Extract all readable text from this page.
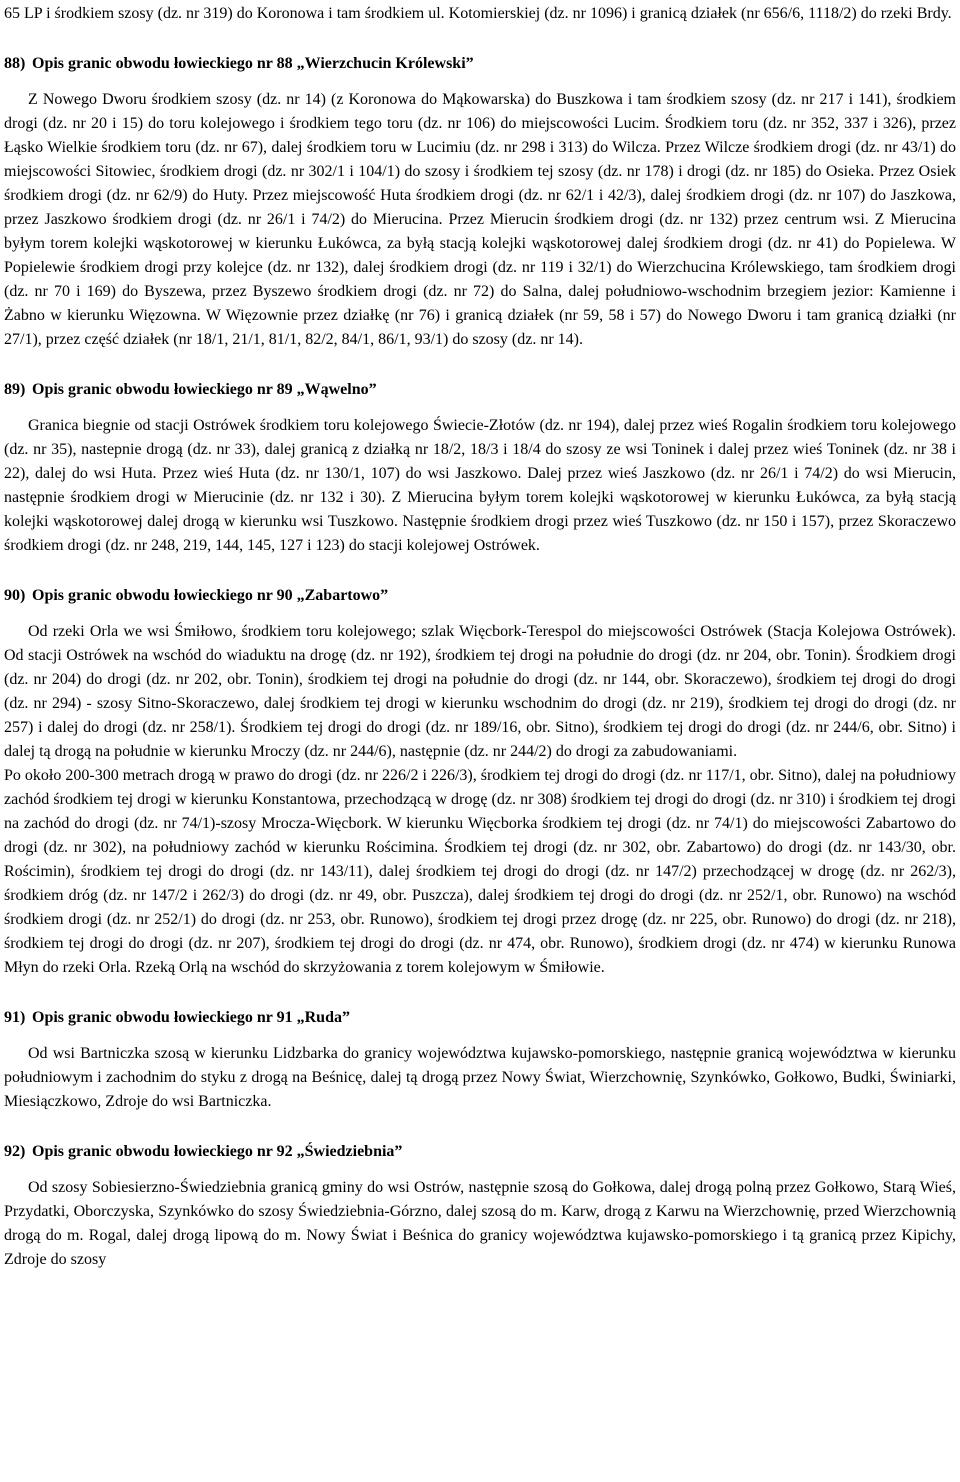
65 LP i środkiem szosy (dz. nr 319) do Koronowa i tam środkiem ul. Kotomierskiej (dz. nr 1096) i granicą działek (nr 656/6, 1118/2) do rzeki Brdy.

88) Opis granic obwodu łowieckiego nr 88 „Wierzchucin Królewski”

Z Nowego Dworu środkiem szosy (dz. nr 14) (z Koronowa do Mąkowarska) do Buszkowa i tam środkiem szosy (dz. nr 217 i 141), środkiem drogi (dz. nr 20 i 15) do toru kolejowego i środkiem tego toru (dz. nr 106) do miejscowości Lucim. Środkiem toru (dz. nr 352, 337 i 326), przez Łąsko Wielkie środkiem toru (dz. nr 67), dalej środkiem toru w Lucimiu (dz. nr 298 i 313) do Wilcza. Przez Wilcze środkiem drogi (dz. nr 43/1) do miejscowości Sitowiec, środkiem drogi (dz. nr 302/1 i 104/1) do szosy i środkiem tej szosy (dz. nr 178) i drogi (dz. nr 185) do Osieka. Przez Osiek środkiem drogi (dz. nr 62/9) do Huty. Przez miejscowość Huta środkiem drogi (dz. nr 62/1 i 42/3), dalej środkiem drogi (dz. nr 107) do Jaszkowa, przez Jaszkowo środkiem drogi (dz. nr 26/1 i 74/2) do Mierucina. Przez Mierucin środkiem drogi (dz. nr 132) przez centrum wsi. Z Mierucina byłym torem kolejki wąskotorowej w kierunku Łukówca, za byłą stacją kolejki wąskotorowej dalej środkiem drogi (dz. nr 41) do Popielewa. W Popielewie środkiem drogi przy kolejce (dz. nr 132), dalej środkiem drogi (dz. nr 119 i 32/1) do Wierzchucina Królewskiego, tam środkiem drogi (dz. nr 70 i 169) do Byszewa, przez Byszewo środkiem drogi (dz. nr 72) do Salna, dalej południowo-wschodnim brzegiem jezior: Kamienne i Żabno w kierunku Więzowna. W Więzownie przez działkę (nr 76) i granicą działek (nr 59, 58 i 57) do Nowego Dworu i tam granicą działki (nr 27/1), przez część działek (nr 18/1, 21/1, 81/1, 82/2, 84/1, 86/1, 93/1) do szosy (dz. nr 14).

89) Opis granic obwodu łowieckiego nr 89 „Wąwelno”

Granica biegnie od stacji Ostrówek środkiem toru kolejowego Świecie-Złotów (dz. nr 194), dalej przez wieś Rogalin środkiem toru kolejowego (dz. nr 35), nastepnie drogą (dz. nr 33), dalej granicą z działką nr 18/2, 18/3 i 18/4 do szosy ze wsi Toninek i dalej przez wieś Toninek (dz. nr 38 i 22), dalej do wsi Huta. Przez wieś Huta (dz. nr 130/1, 107) do wsi Jaszkowo. Dalej przez wieś Jaszkowo (dz. nr 26/1 i 74/2) do wsi Mierucin, następnie środkiem drogi w Mierucinie (dz. nr 132 i 30). Z Mierucina byłym torem kolejki wąskotorowej w kierunku Łukówca, za byłą stacją kolejki wąskotorowej dalej drogą w kierunku wsi Tuszkowo. Następnie środkiem drogi przez wieś Tuszkowo (dz. nr 150 i 157), przez Skoraczewo środkiem drogi (dz. nr 248, 219, 144, 145, 127 i 123) do stacji kolejowej Ostrówek.

90) Opis granic obwodu łowieckiego nr 90 „Zabartowo”

Od rzeki Orla we wsi Śmiłowo, środkiem toru kolejowego; szlak Więcbork-Terespol do miejscowości Ostrówek (Stacja Kolejowa Ostrówek). Od stacji Ostrówek na wschód do wiaduktu na drogę (dz. nr 192), środkiem tej drogi na południe do drogi (dz. nr 204, obr. Tonin). Środkiem drogi (dz. nr 204) do drogi (dz. nr 202, obr. Tonin), środkiem tej drogi na południe do drogi (dz. nr 144, obr. Skoraczewo), środkiem tej drogi do drogi (dz. nr 294) - szosy Sitno-Skoraczewo, dalej środkiem tej drogi w kierunku wschodnim do drogi (dz. nr 219), środkiem tej drogi do drogi (dz. nr 257) i dalej do drogi (dz. nr 258/1). Środkiem tej drogi do drogi (dz. nr 189/16, obr. Sitno), środkiem tej drogi do drogi (dz. nr 244/6, obr. Sitno) i dalej tą drogą na południe w kierunku Mroczy (dz. nr 244/6), następnie (dz. nr 244/2) do drogi za zabudowaniami.

Po około 200-300 metrach drogą w prawo do drogi (dz. nr 226/2 i 226/3), środkiem tej drogi do drogi (dz. nr 117/1, obr. Sitno), dalej na południowy zachód środkiem tej drogi w kierunku Konstantowa, przechodzącą w drogę (dz. nr 308) środkiem tej drogi do drogi (dz. nr 310) i środkiem tej drogi na zachód do drogi (dz. nr 74/1)-szosy Mrocza-Więcbork. W kierunku Więcborka środkiem tej drogi (dz. nr 74/1) do miejscowości Zabartowo do drogi (dz. nr 302), na południowy zachód w kierunku Rościmina. Środkiem tej drogi (dz. nr 302, obr. Zabartowo) do drogi (dz. nr 143/30, obr. Rościmin), środkiem tej drogi do drogi (dz. nr 143/11), dalej środkiem tej drogi do drogi (dz. nr 147/2) przechodzącej w drogę (dz. nr 262/3), środkiem dróg (dz. nr 147/2 i 262/3) do drogi (dz. nr 49, obr. Puszcza), dalej środkiem tej drogi do drogi (dz. nr 252/1, obr. Runowo) na wschód środkiem drogi (dz. nr 252/1) do drogi (dz. nr 253, obr. Runowo), środkiem tej drogi przez drogę (dz. nr 225, obr. Runowo) do drogi (dz. nr 218), środkiem tej drogi do drogi (dz. nr 207), środkiem tej drogi do drogi (dz. nr 474, obr. Runowo), środkiem drogi (dz. nr 474) w kierunku Runowa Młyn do rzeki Orla. Rzeką Orlą na wschód do skrzyżowania z torem kolejowym w Śmiłowie.

91) Opis granic obwodu łowieckiego nr 91 „Ruda”

Od wsi Bartniczka szosą w kierunku Lidzbarka do granicy województwa kujawsko-pomorskiego, następnie granicą województwa w kierunku południowym i zachodnim do styku z drogą na Beśnicę, dalej tą drogą przez Nowy Świat, Wierzchownię, Szynkówko, Gołkowo, Budki, Świniarki, Miesiączkowo, Zdroje do wsi Bartniczka.

92) Opis granic obwodu łowieckiego nr 92 „Świedziebnia”

Od szosy Sobiesierzno-Świedziebnia granicą gminy do wsi Ostrów, następnie szosą do Gołkowa, dalej drogą polną przez Gołkowo, Starą Wieś, Przydatki, Oborczyska, Szynkówko do szosy Świedziebnia-Górzno, dalej szosą do m. Karw, drogą z Karwu na Wierzchownię, przed Wierzchownią drogą do m. Rogal, dalej drogą lipową do m. Nowy Świat i Beśnica do granicy województwa kujawsko-pomorskiego i tą granicą przez Kipichy, Zdroje do szosy
